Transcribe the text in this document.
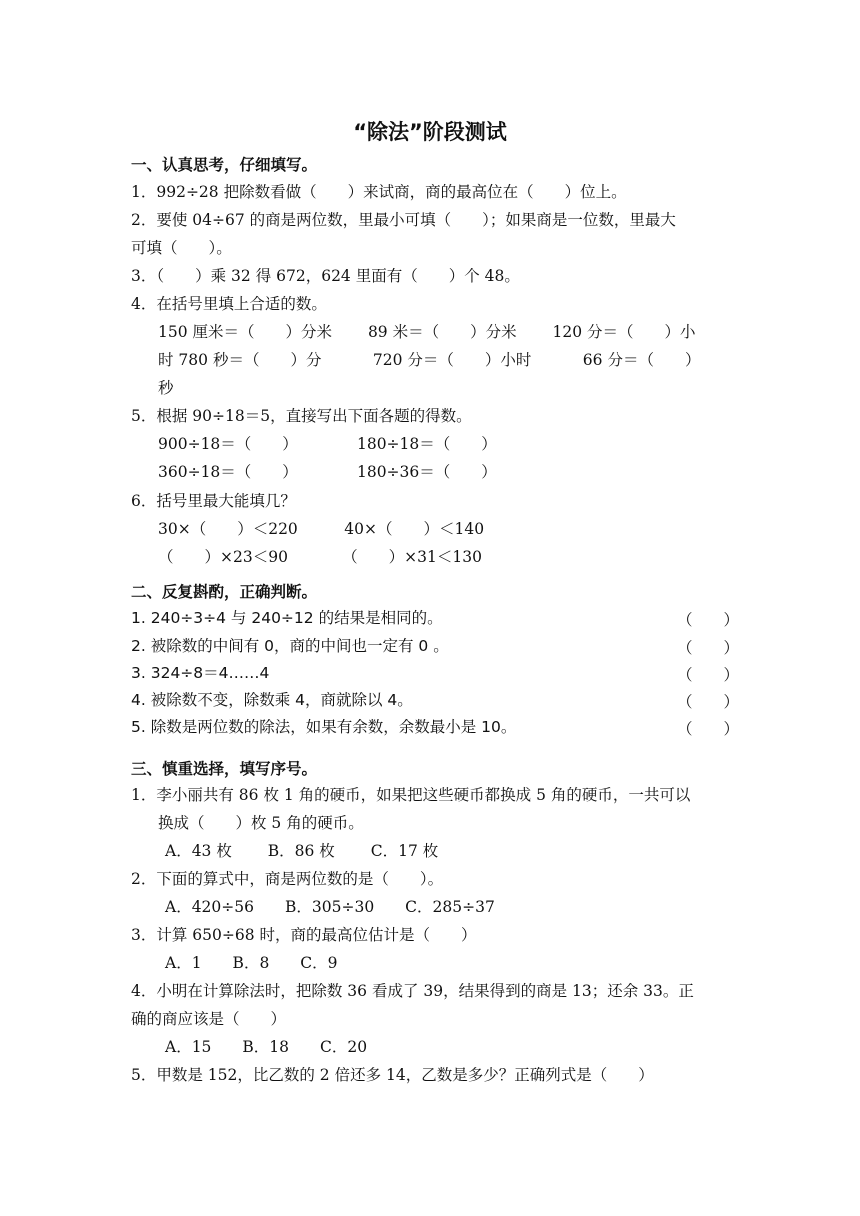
“除法”阶段测试
一、认真思考，仔细填写。
1．992÷28 把除数看做（　　）来试商，商的最高位在（　　）位上。
2．要使 04÷67 的商是两位数，里最小可填（　　）；如果商是一位数，里最大
可填（　　）。
3．（　　）乘 32 得 672，624 里面有（　　）个 48。
4．在括号里填上合适的数。
150 厘米＝（　　）分米　　 89 米＝（　　）分米　　 120 分＝（　　）小
时 780 秒＝（　　）分　　　 720 分＝（　　）小时　　　 66 分＝（　　）
秒
5．根据 90÷18＝5，直接写出下面各题的得数。
900÷18＝（　　）　　　　 180÷18＝（　　）
360÷18＝（　　）　　　　 180÷36＝（　　）
6．括号里最大能填几？
30×（　　）＜220　　　40×（　　）＜140
（　　）×23＜90　　　　（　　）×31＜130
二、反复斟酌，正确判断。
1. 240÷3÷4 与 240÷12 的结果是相同的。	（　　）
2. 被除数的中间有 0，商的中间也一定有 0 。	（　　）
3. 324÷8＝4……4	（　　）
4. 被除数不变，除数乘 4，商就除以 4。	（　　）
5. 除数是两位数的除法，如果有余数，余数最小是 10。	（　　）
三、慎重选择，填写序号。
1．李小丽共有 86 枚 1 角的硬币，如果把这些硬币都换成 5 角的硬币，一共可以
换成（　　）枚 5 角的硬币。
A．43 枚　　 B．86 枚　　 C．17 枚
2．下面的算式中，商是两位数的是（　　）。
A．420÷56　　B．305÷30　　C．285÷37
3．计算 650÷68 时，商的最高位估计是（　　）
A．1　　B．8　　C．9
4．小明在计算除法时，把除数 36 看成了 39，结果得到的商是 13；还余 33。正
确的商应该是（　　）
A．15　　B．18　　C．20
5．甲数是 152，比乙数的 2 倍还多 14，乙数是多少？正确列式是（　　）
